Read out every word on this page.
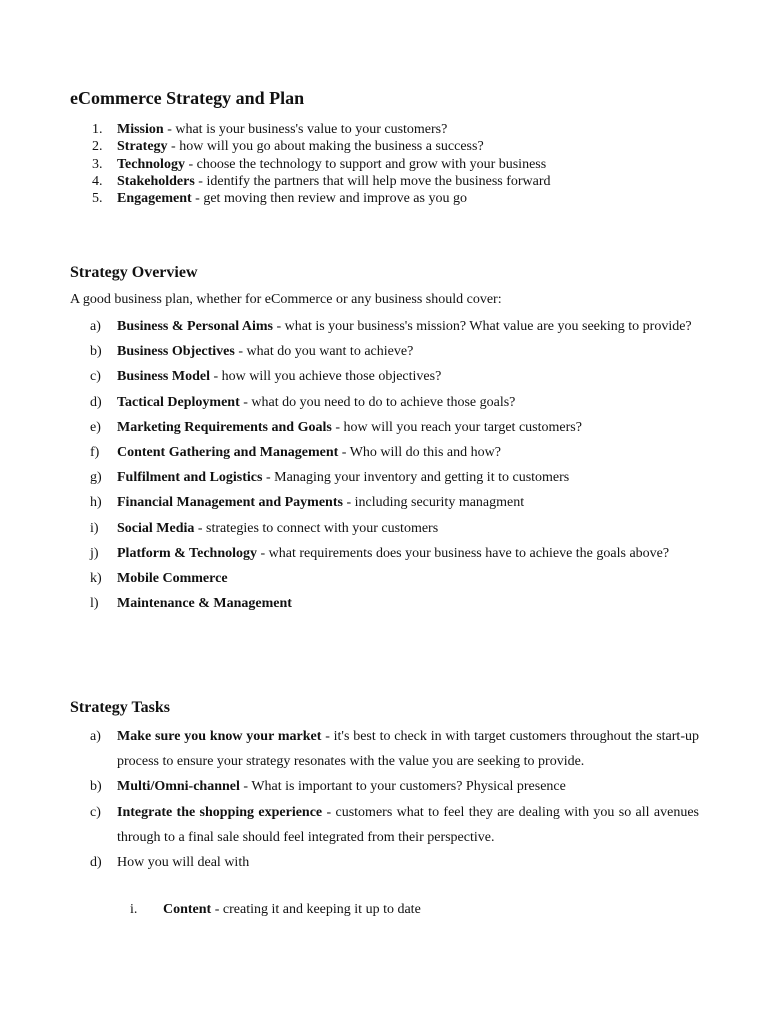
eCommerce Strategy and Plan
1. Mission - what is your business's value to your customers?
2. Strategy - how will you go about making the business a success?
3. Technology - choose the technology to support and grow with your business
4. Stakeholders - identify the partners that will help move the business forward
5. Engagement - get moving then review and improve as you go
Strategy Overview
A good business plan, whether for eCommerce or any business should cover:
a) Business & Personal Aims - what is your business's mission? What value are you seeking to provide?
b) Business Objectives - what do you want to achieve?
c) Business Model - how will you achieve those objectives?
d) Tactical Deployment - what do you need to do to achieve those goals?
e) Marketing Requirements and Goals - how will you reach your target customers?
f) Content Gathering and Management - Who will do this and how?
g) Fulfilment and Logistics - Managing your inventory and getting it to customers
h) Financial Management and Payments - including security managment
i) Social Media - strategies to connect with your customers
j) Platform & Technology - what requirements does your business have to achieve the goals above?
k) Mobile Commerce
l) Maintenance & Management
Strategy Tasks
a) Make sure you know your market - it's best to check in with target customers throughout the start-up process to ensure your strategy resonates with the value you are seeking to provide.
b) Multi/Omni-channel - What is important to your customers? Physical presence
c) Integrate the shopping experience - customers what to feel they are dealing with you so all avenues through to a final sale should feel integrated from their perspective.
d) How you will deal with
i. Content - creating it and keeping it up to date
